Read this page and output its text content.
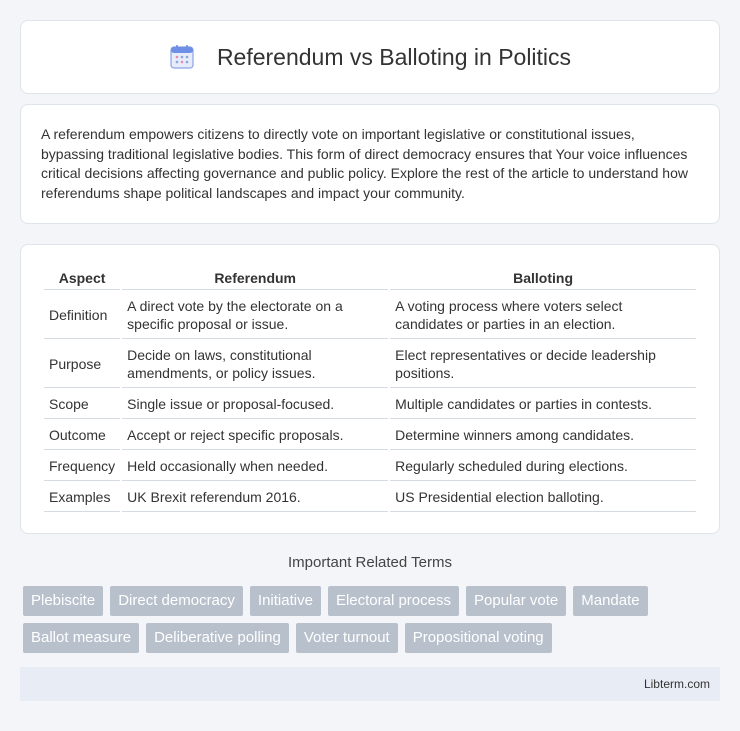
Referendum vs Balloting in Politics

A referendum empowers citizens to directly vote on important legislative or constitutional issues, bypassing traditional legislative bodies. This form of direct democracy ensures that Your voice influences critical decisions affecting governance and public policy. Explore the rest of the article to understand how referendums shape political landscapes and impact your community.

Aspect	Referendum	Balloting
Definition	A direct vote by the electorate on a specific proposal or issue.	A voting process where voters select candidates or parties in an election.
Purpose	Decide on laws, constitutional amendments, or policy issues.	Elect representatives or decide leadership positions.
Scope	Single issue or proposal-focused.	Multiple candidates or parties in contests.
Outcome	Accept or reject specific proposals.	Determine winners among candidates.
Frequency	Held occasionally when needed.	Regularly scheduled during elections.
Examples	UK Brexit referendum 2016.	US Presidential election balloting.
Important Related Terms
Plebiscite	Direct democracy	Initiative	Electoral process	Popular vote	Mandate
Ballot measure	Deliberative polling	Voter turnout	Propositional voting
Libterm.com
